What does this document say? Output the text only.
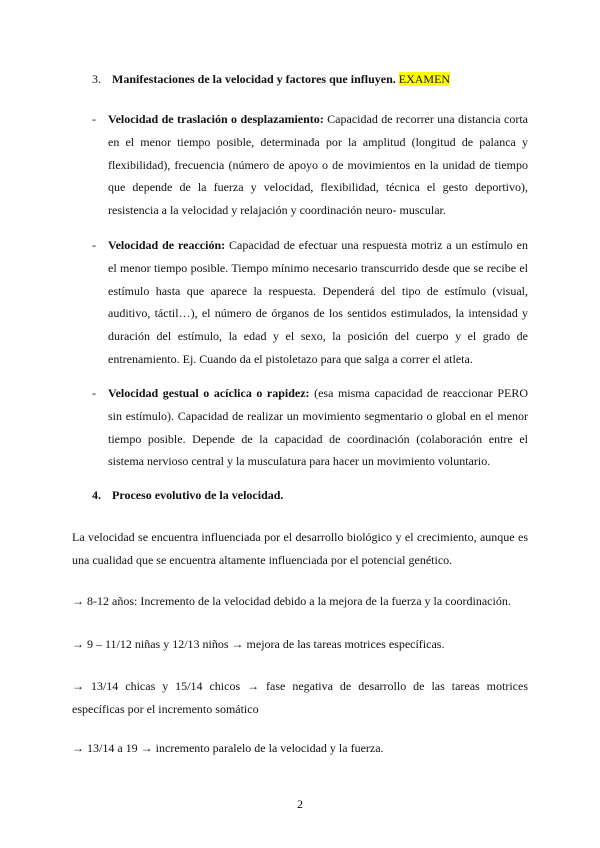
3. Manifestaciones de la velocidad y factores que influyen. EXAMEN
- Velocidad de traslación o desplazamiento: Capacidad de recorrer una distancia corta en el menor tiempo posible, determinada por la amplitud (longitud de palanca y flexibilidad), frecuencia (número de apoyo o de movimientos en la unidad de tiempo que depende de la fuerza y velocidad, flexibilidad, técnica el gesto deportivo), resistencia a la velocidad y relajación y coordinación neuro- muscular.
- Velocidad de reacción: Capacidad de efectuar una respuesta motriz a un estímulo en el menor tiempo posible. Tiempo mínimo necesario transcurrido desde que se recibe el estímulo hasta que aparece la respuesta. Dependerá del tipo de estímulo (visual, auditivo, táctil…), el número de órganos de los sentidos estimulados, la intensidad y duración del estímulo, la edad y el sexo, la posición del cuerpo y el grado de entrenamiento. Ej. Cuando da el pistoletazo para que salga a correr el atleta.
- Velocidad gestual o acíclica o rapidez: (esa misma capacidad de reaccionar PERO sin estímulo). Capacidad de realizar un movimiento segmentario o global en el menor tiempo posible. Depende de la capacidad de coordinación (colaboración entre el sistema nervioso central y la musculatura para hacer un movimiento voluntario.
4. Proceso evolutivo de la velocidad.
La velocidad se encuentra influenciada por el desarrollo biológico y el crecimiento, aunque es una cualidad que se encuentra altamente influenciada por el potencial genético.
→ 8-12 años: Incremento de la velocidad debido a la mejora de la fuerza y la coordinación.
→ 9 – 11/12 niñas y 12/13 niños → mejora de las tareas motrices específicas.
→ 13/14 chicas y 15/14 chicos → fase negativa de desarrollo de las tareas motrices específicas por el incremento somático
→ 13/14 a 19 → incremento paralelo de la velocidad y la fuerza.
2
